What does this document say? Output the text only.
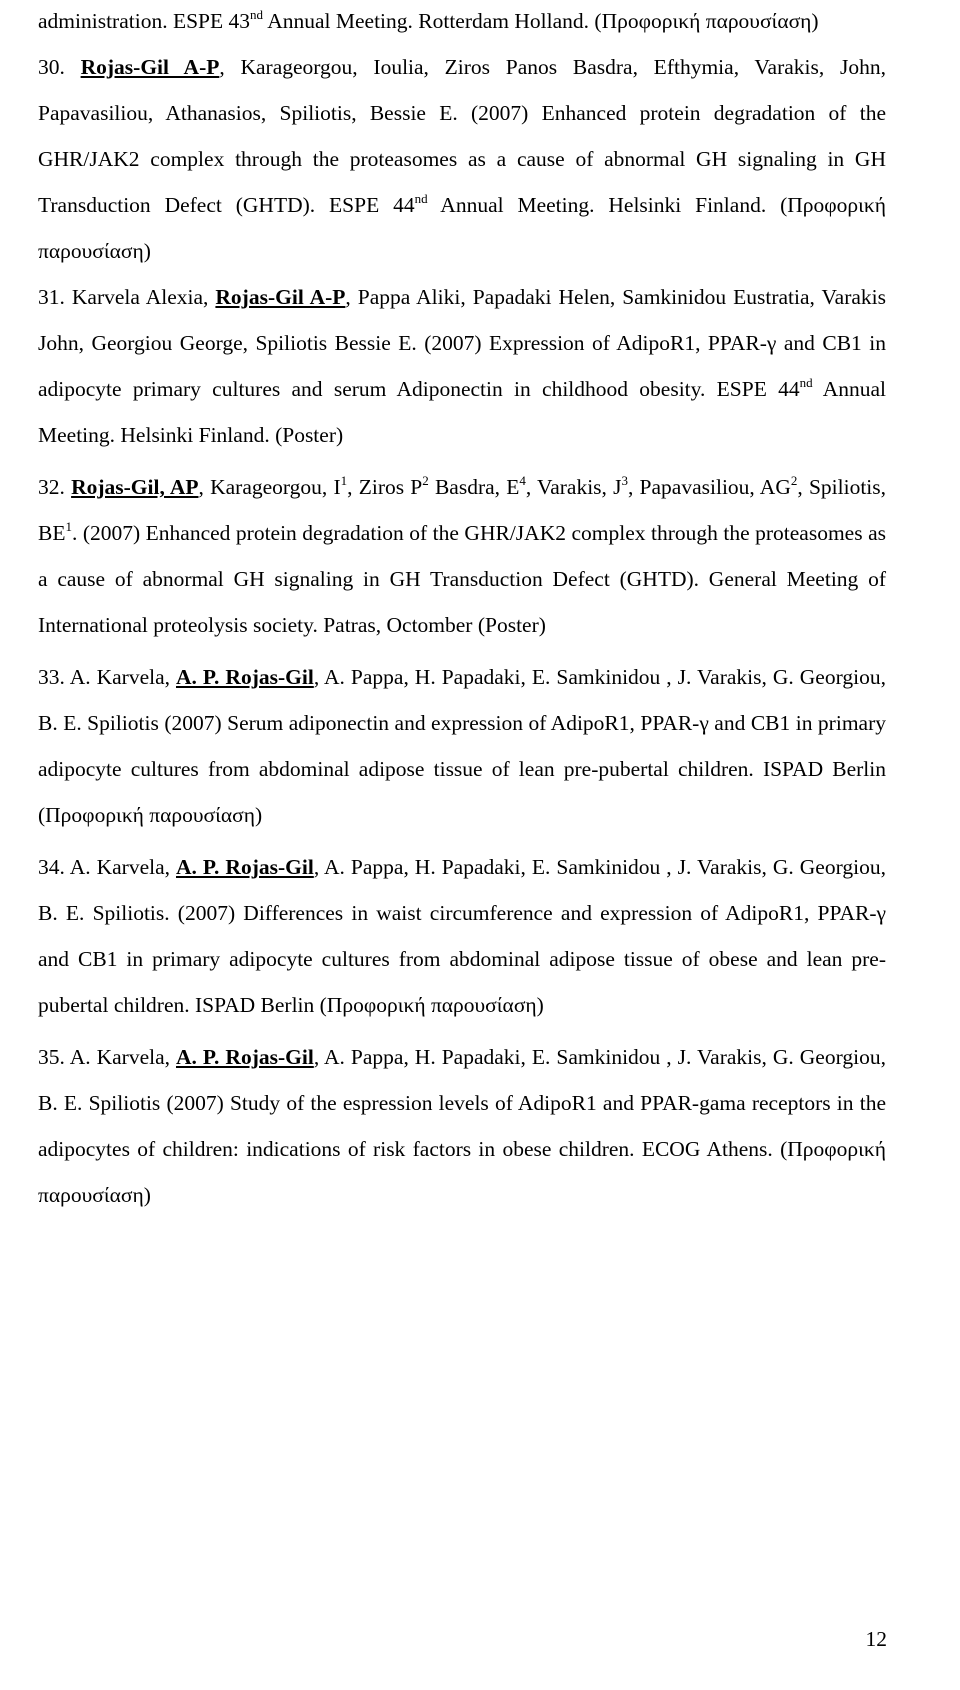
administration. ESPE 43nd Annual Meeting. Rotterdam Holland. (Προφορική παρουσίαση)

30. Rojas-Gil A-P, Karageorgou, Ioulia, Ziros Panos Basdra, Efthymia, Varakis, John, Papavasiliou, Athanasios, Spiliotis, Bessie E. (2007) Enhanced protein degradation of the GHR/JAK2 complex through the proteasomes as a cause of abnormal GH signaling in GH Transduction Defect (GHTD). ESPE 44nd Annual Meeting. Helsinki Finland. (Προφορική παρουσίαση)

31. Karvela Alexia, Rojas-Gil A-P, Pappa Aliki, Papadaki Helen, Samkinidou Eustratia, Varakis John, Georgiou George, Spiliotis Bessie E. (2007) Expression of AdipoR1, PPAR-γ and CB1 in adipocyte primary cultures and serum Adiponectin in childhood obesity. ESPE 44nd Annual Meeting. Helsinki Finland. (Poster)

32. Rojas-Gil, AP, Karageorgou, $I^1$, Ziros $P^2$ Basdra, $E^4$, Varakis, $J^3$, Papavasiliou, $AG^2$, Spiliotis, $BE^1$. (2007) Enhanced protein degradation of the GHR/JAK2 complex through the proteasomes as a cause of abnormal GH signaling in GH Transduction Defect (GHTD). General Meeting of International proteolysis society. Patras, Octomber (Poster)

33. A. Karvela, A. P. Rojas-Gil, A. Pappa, H. Papadaki, E. Samkinidou , J. Varakis, G. Georgiou, B. E. Spiliotis (2007) Serum adiponectin and expression of AdipoR1, PPAR-γ and CB1 in primary adipocyte cultures from abdominal adipose tissue of lean pre-pubertal children. ISPAD Berlin (Προφορική παρουσίαση)

34. A. Karvela, A. P. Rojas-Gil, A. Pappa, H. Papadaki, E. Samkinidou , J. Varakis, G. Georgiou, B. E. Spiliotis. (2007) Differences in waist circumference and expression of AdipoR1, PPAR-γ and CB1 in primary adipocyte cultures from abdominal adipose tissue of obese and lean pre-pubertal children. ISPAD Berlin (Προφορική παρουσίαση)

35. A. Karvela, A. P. Rojas-Gil, A. Pappa, H. Papadaki, E. Samkinidou , J. Varakis, G. Georgiou, B. E. Spiliotis (2007) Study of the espression levels of AdipoR1 and PPAR-gama receptors in the adipocytes of children: indications of risk factors in obese children. ECOG Athens. (Προφορική παρουσίαση)

12
